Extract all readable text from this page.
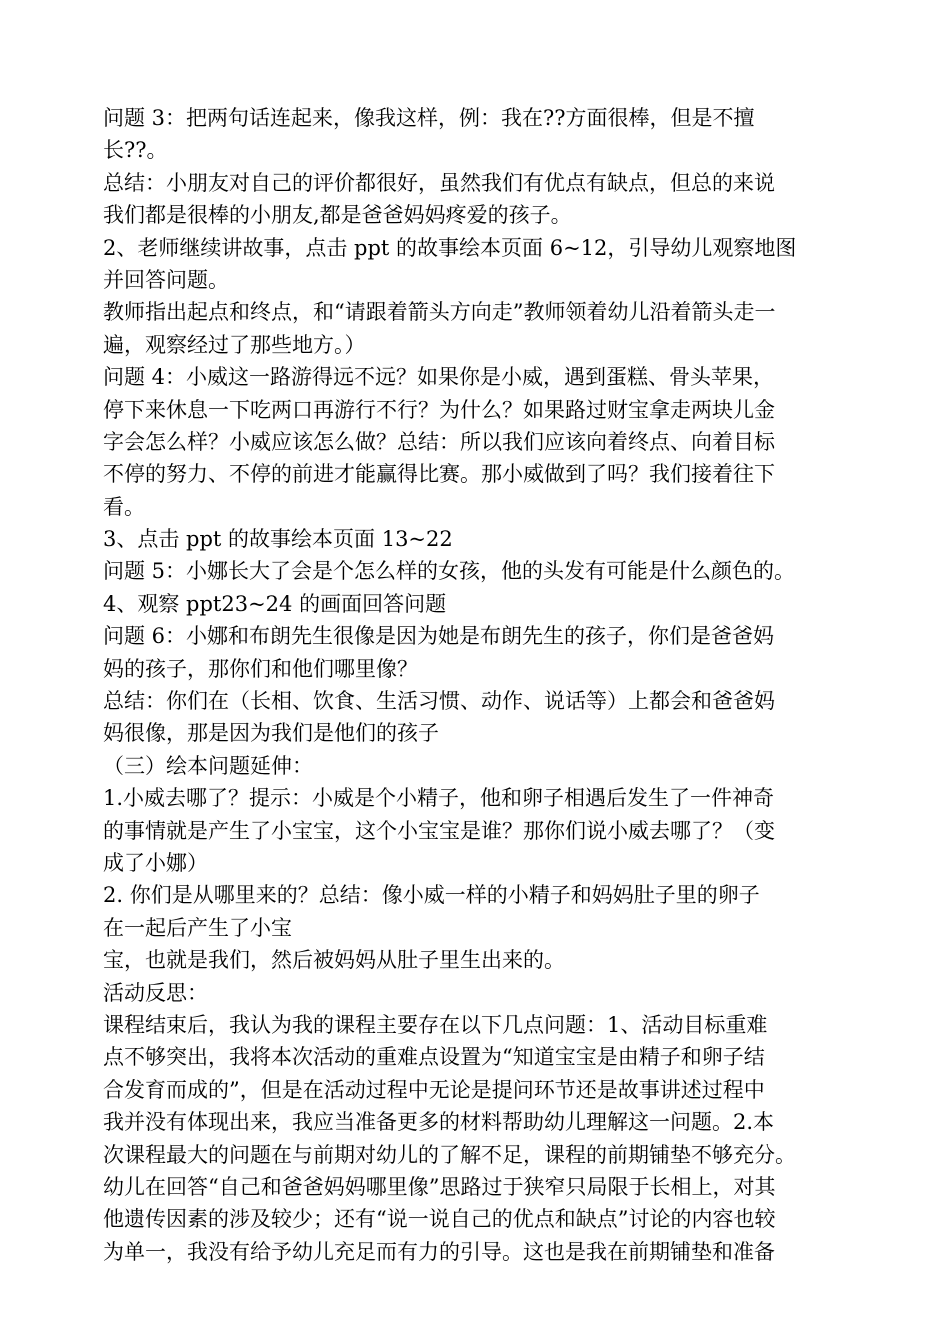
问题 3：把两句话连起来，像我这样，例：我在??方面很棒，但是不擅
长??。
总结：小朋友对自己的评价都很好，虽然我们有优点有缺点，但总的来说
我们都是很棒的小朋友,都是爸爸妈妈疼爱的孩子。
2、老师继续讲故事，点击 ppt 的故事绘本页面 6~12，引导幼儿观察地图
并回答问题。
教师指出起点和终点，和“请跟着箭头方向走”教师领着幼儿沿着箭头走一
遍，观察经过了那些地方。）
问题 4：小威这一路游得远不远？如果你是小威，遇到蛋糕、骨头苹果，
停下来休息一下吃两口再游行不行？为什么？如果路过财宝拿走两块儿金
字会怎么样？小威应该怎么做？总结：所以我们应该向着终点、向着目标
不停的努力、不停的前进才能赢得比赛。那小威做到了吗？我们接着往下
看。
3、点击 ppt 的故事绘本页面 13~22
问题 5：小娜长大了会是个怎么样的女孩，他的头发有可能是什么颜色的。
4、观察 ppt23~24 的画面回答问题
问题 6：小娜和布朗先生很像是因为她是布朗先生的孩子，你们是爸爸妈
妈的孩子，那你们和他们哪里像？
总结：你们在（长相、饮食、生活习惯、动作、说话等）上都会和爸爸妈
妈很像，那是因为我们是他们的孩子
（三）绘本问题延伸：
1.小威去哪了？提示：小威是个小精子，他和卵子相遇后发生了一件神奇
的事情就是产生了小宝宝，这个小宝宝是谁？那你们说小威去哪了？（变
成了小娜）
2. 你们是从哪里来的？总结：像小威一样的小精子和妈妈肚子里的卵子
在一起后产生了小宝
宝，也就是我们，然后被妈妈从肚子里生出来的。
活动反思：
课程结束后，我认为我的课程主要存在以下几点问题：1、活动目标重难
点不够突出，我将本次活动的重难点设置为“知道宝宝是由精子和卵子结
合发育而成的”，但是在活动过程中无论是提问环节还是故事讲述过程中
我并没有体现出来，我应当准备更多的材料帮助幼儿理解这一问题。2.本
次课程最大的问题在与前期对幼儿的了解不足，课程的前期铺垫不够充分。
幼儿在回答“自己和爸爸妈妈哪里像”思路过于狭窄只局限于长相上，对其
他遗传因素的涉及较少；还有“说一说自己的优点和缺点”讨论的内容也较
为单一，我没有给予幼儿充足而有力的引导。这也是我在前期铺垫和准备
